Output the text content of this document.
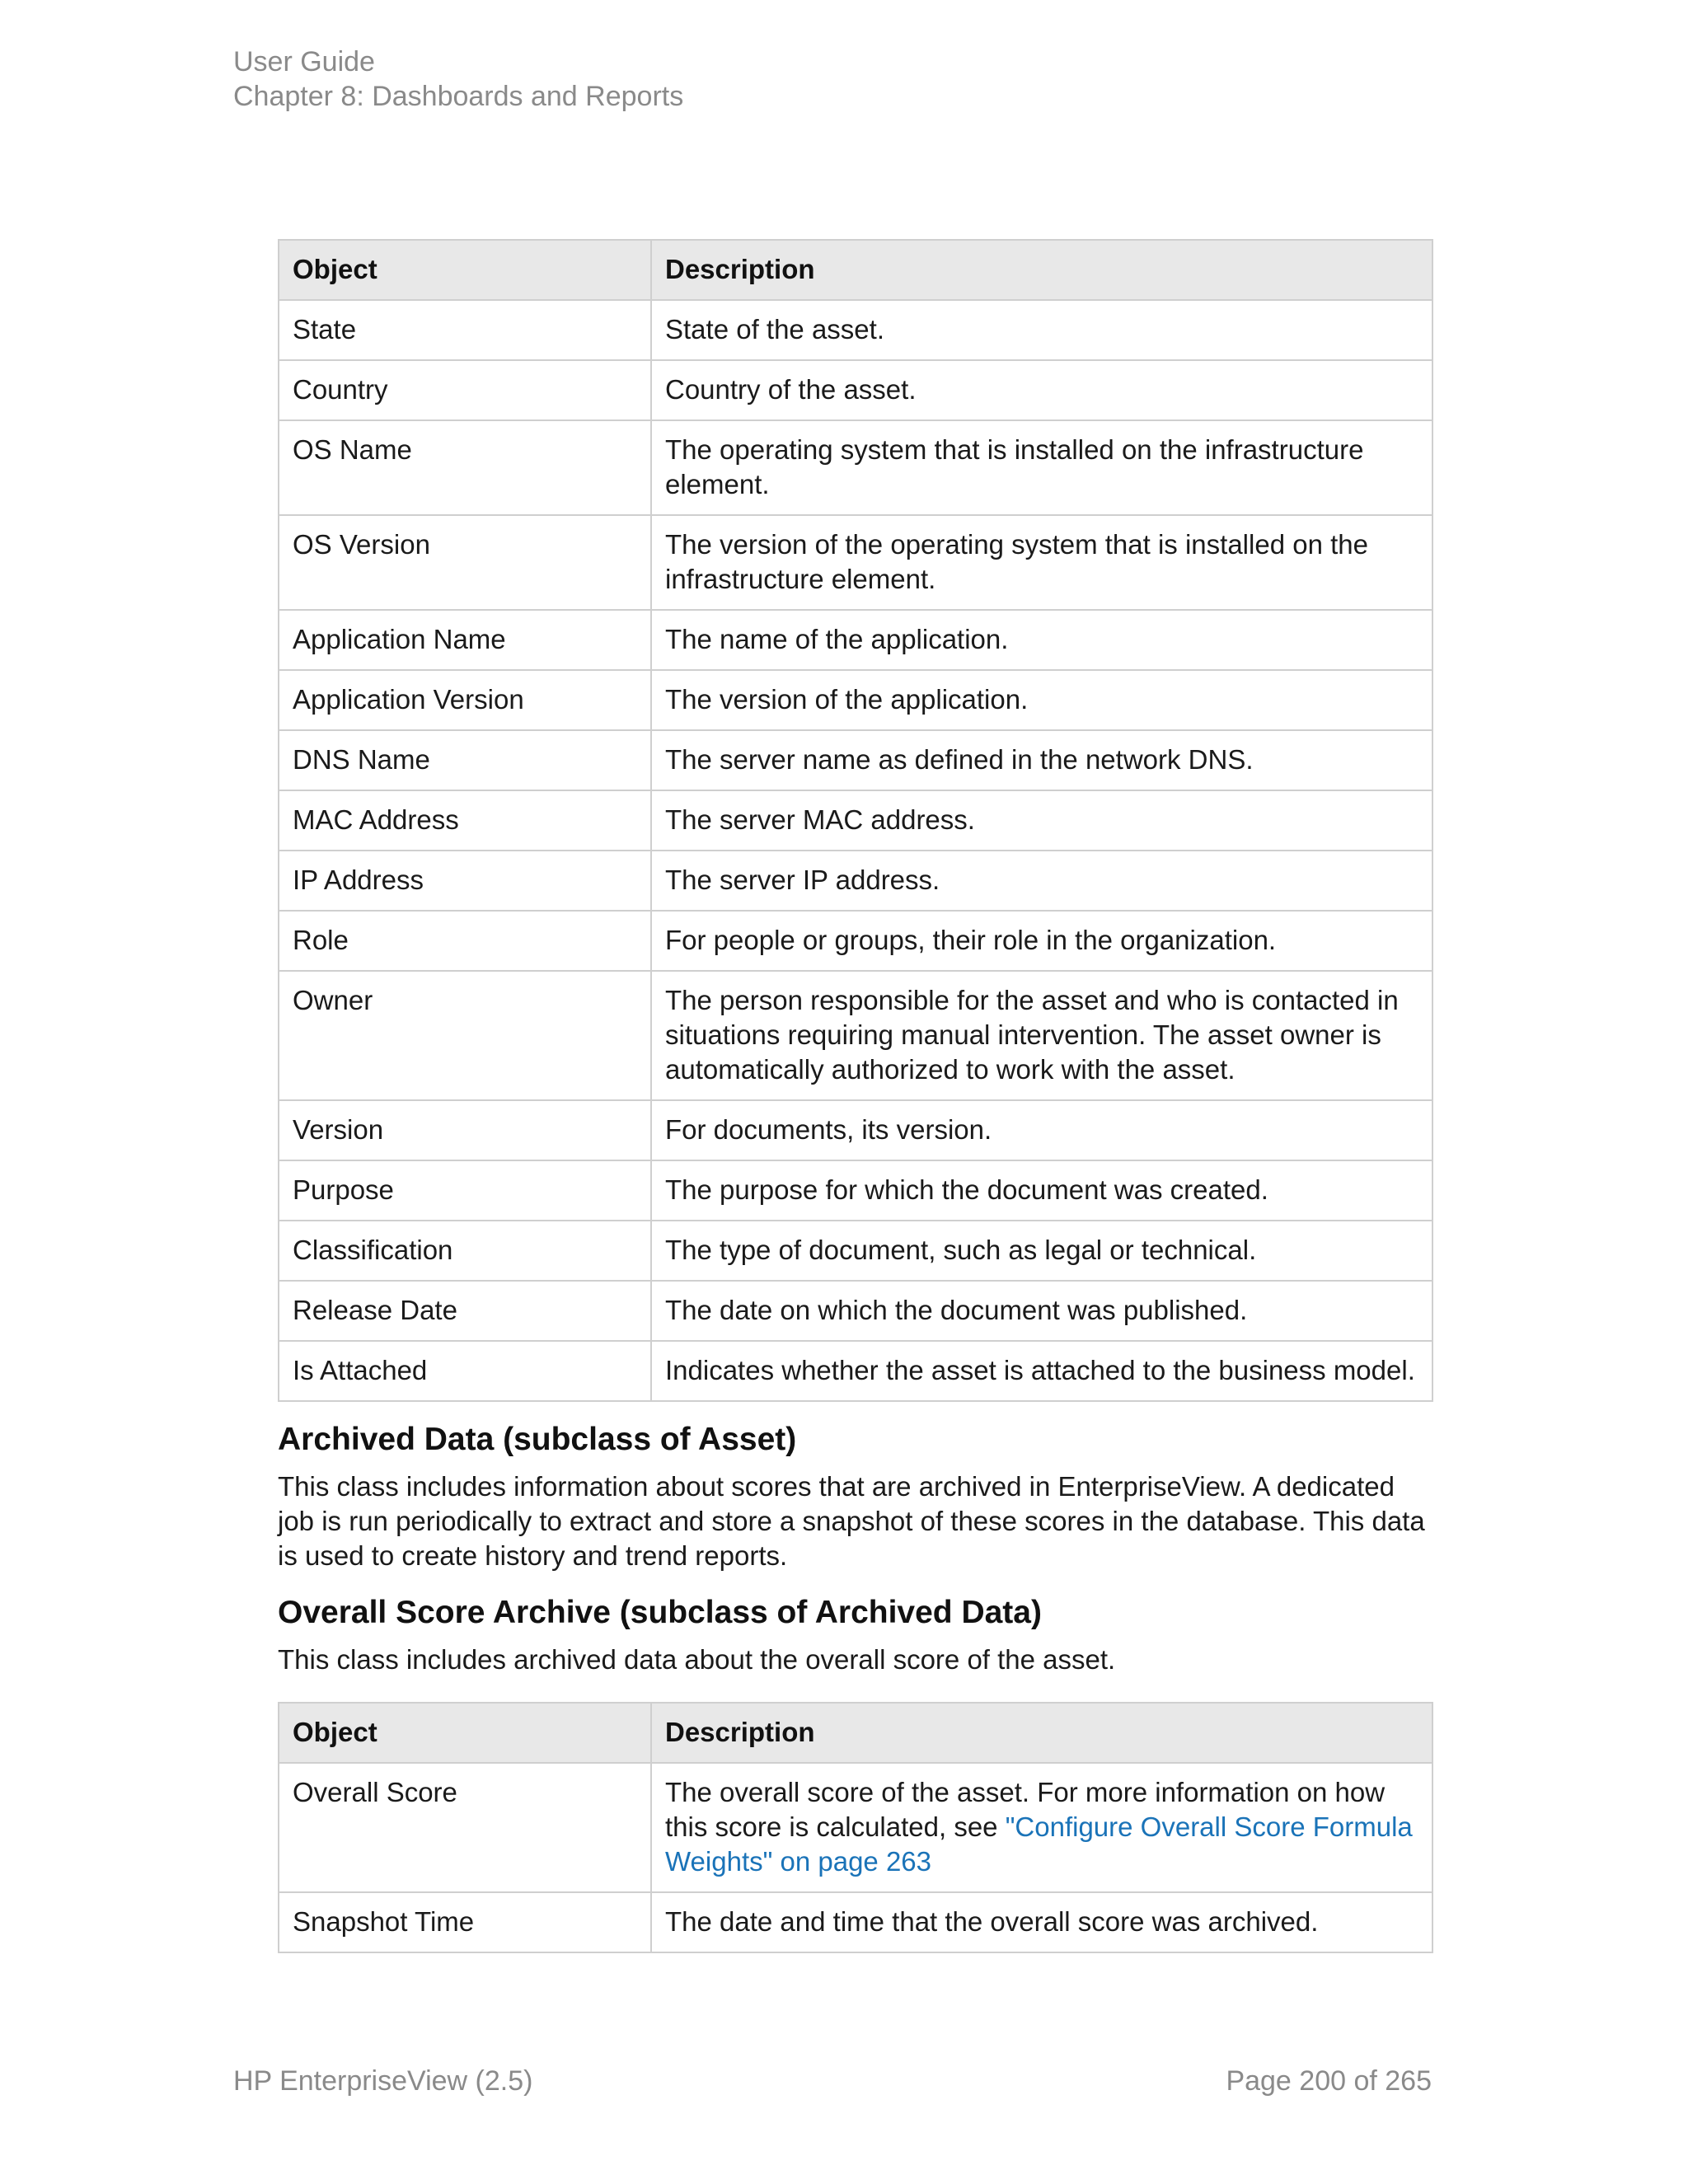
User Guide
Chapter 8: Dashboards and Reports
Object	Description
State	State of the asset.
Country	Country of the asset.
OS Name	The operating system that is installed on the infrastructure element.
OS Version	The version of the operating system that is installed on the infrastructure element.
Application Name	The name of the application.
Application Version	The version of the application.
DNS Name	The server name as defined in the network DNS.
MAC Address	The server MAC address.
IP Address	The server IP address.
Role	For people or groups, their role in the organization.
Owner	The person responsible for the asset and who is contacted in situations requiring manual intervention. The asset owner is automatically authorized to work with the asset.
Version	For documents, its version.
Purpose	The purpose for which the document was created.
Classification	The type of document, such as legal or technical.
Release Date	The date on which the document was published.
Is Attached	Indicates whether the asset is attached to the business model.
Archived Data (subclass of Asset)

This class includes information about scores that are archived in EnterpriseView. A dedicated job is run periodically to extract and store a snapshot of these scores in the database. This data is used to create history and trend reports.

Overall Score Archive (subclass of Archived Data)

This class includes archived data about the overall score of the asset.

Object	Description
Overall Score	The overall score of the asset. For more information on how this score is calculated, see "Configure Overall Score Formula Weights" on page 263
Snapshot Time	The date and time that the overall score was archived.
HP EnterpriseView (2.5)	Page 200 of 265
